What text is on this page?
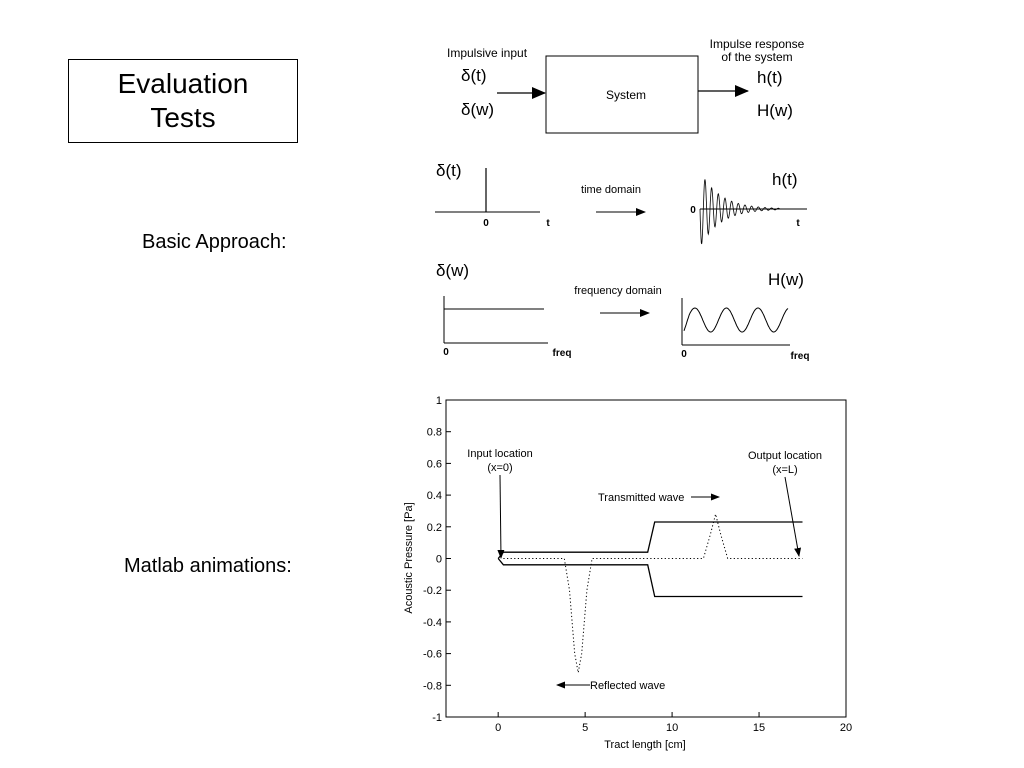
Evaluation
Tests
Basic Approach:
Matlab animations:
Impulsive input
δ(t)
δ(w)
System
Impulse response
of the system
h(t)
H(w)
δ(t)
0	t
time domain
h(t)
0
t
δ(w)
0	freq
frequency domain
H(w)
0	freq
0	5	10	15	20
1
0.8
0.6
0.4
0.2
0
-0.2
-0.4
-0.6
-0.8
-1
Tract length [cm]
Acoustic Pressure [Pa]
Input location
(x=0)
Output location
(x=L)
Transmitted wave
Reflected wave
